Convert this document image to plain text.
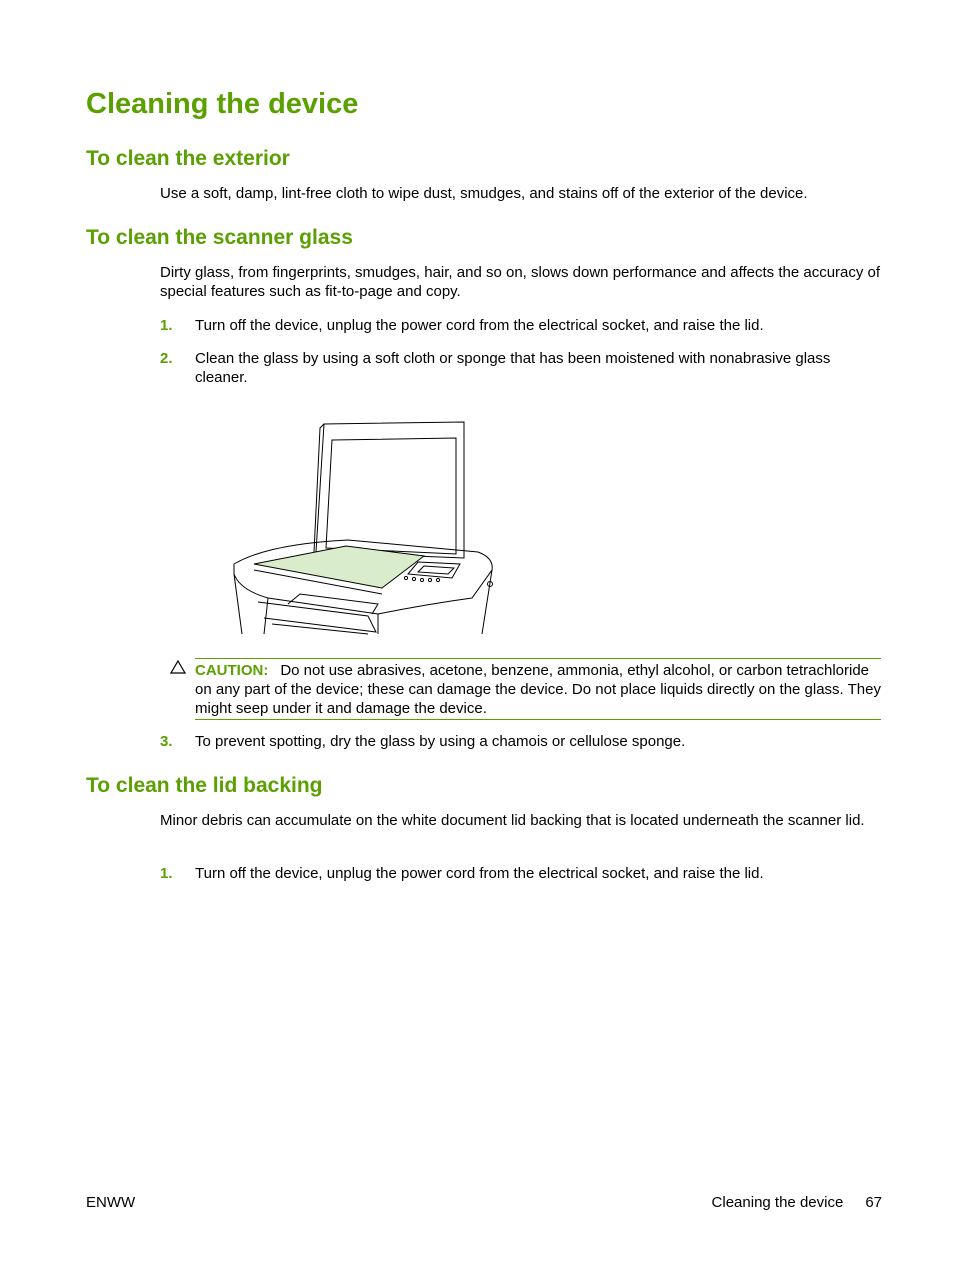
Cleaning the device
To clean the exterior

Use a soft, damp, lint-free cloth to wipe dust, smudges, and stains off of the exterior of the device.

To clean the scanner glass

Dirty glass, from fingerprints, smudges, hair, and so on, slows down performance and affects the accuracy of special features such as fit-to-page and copy.

1. Turn off the device, unplug the power cord from the electrical socket, and raise the lid.
2. Clean the glass by using a soft cloth or sponge that has been moistened with nonabrasive glass cleaner.
CAUTION: Do not use abrasives, acetone, benzene, ammonia, ethyl alcohol, or carbon tetrachloride on any part of the device; these can damage the device. Do not place liquids directly on the glass. They might seep under it and damage the device.
3. To prevent spotting, dry the glass by using a chamois or cellulose sponge.
To clean the lid backing

Minor debris can accumulate on the white document lid backing that is located underneath the scanner lid.

1. Turn off the device, unplug the power cord from the electrical socket, and raise the lid.
ENWW	Cleaning the device 67
